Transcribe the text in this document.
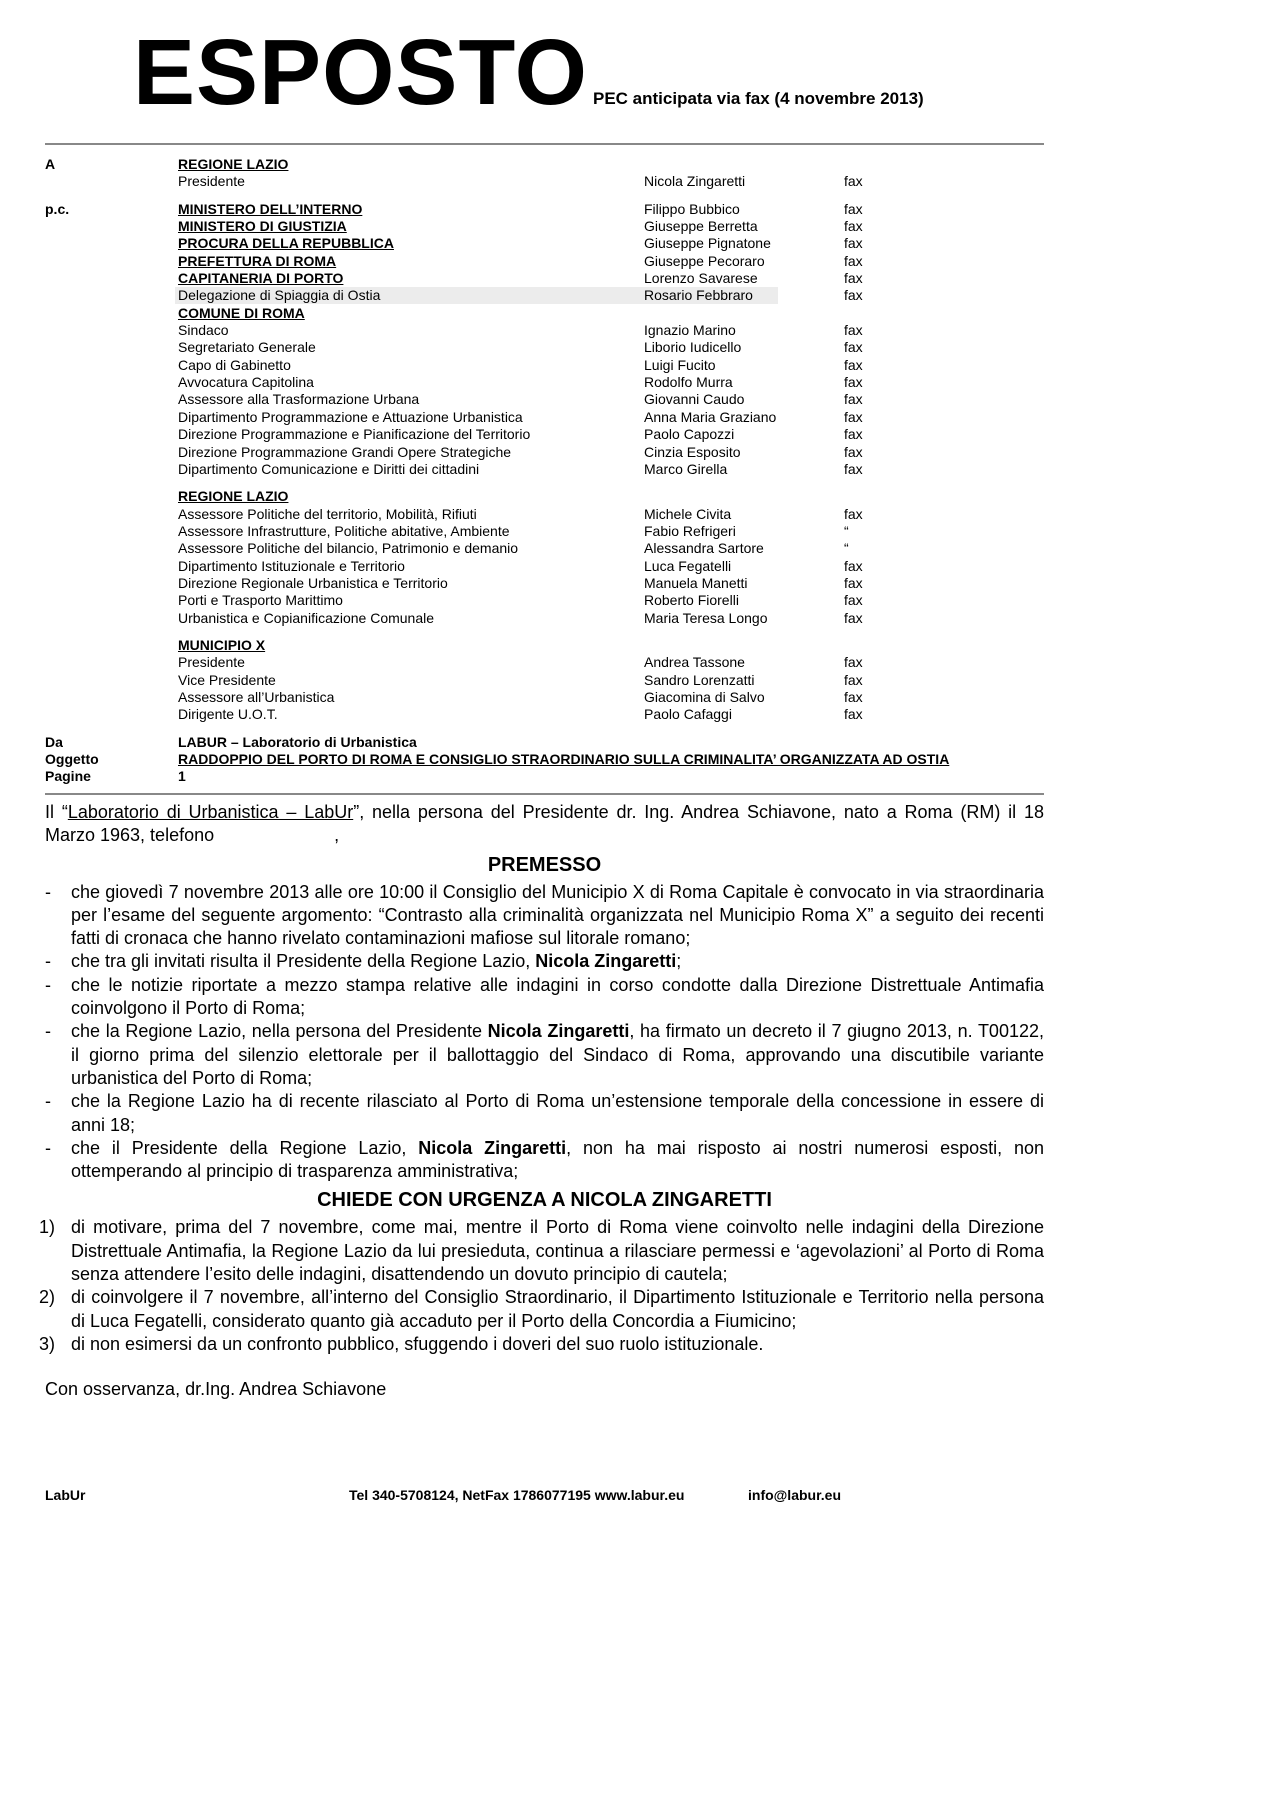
ESPOSTO PEC anticipata via fax (4 novembre 2013)
A	REGIONE LAZIO
Presidente	Nicola Zingaretti	fax
p.c.	MINISTERO DELL’INTERNO	Filippo Bubbico	fax
MINISTERO DI GIUSTIZIA	Giuseppe Berretta	fax
PROCURA DELLA REPUBBLICA	Giuseppe Pignatone	fax
PREFETTURA DI ROMA	Giuseppe Pecoraro	fax
CAPITANERIA DI PORTO	Lorenzo Savarese	fax
Delegazione di Spiaggia di Ostia	Rosario Febbraro	fax
COMUNE DI ROMA
Sindaco	Ignazio Marino	fax
Segretariato Generale	Liborio Iudicello	fax
Capo di Gabinetto	Luigi Fucito	fax
Avvocatura Capitolina	Rodolfo Murra	fax
Assessore alla Trasformazione Urbana	Giovanni Caudo	fax
Dipartimento Programmazione e Attuazione Urbanistica	Anna Maria Graziano	fax
Direzione Programmazione e Pianificazione del Territorio	Paolo Capozzi	fax
Direzione Programmazione Grandi Opere Strategiche	Cinzia Esposito	fax
Dipartimento Comunicazione e Diritti dei cittadini	Marco Girella	fax
REGIONE LAZIO
Assessore Politiche del territorio, Mobilità, Rifiuti	Michele Civita	fax
Assessore Infrastrutture, Politiche abitative, Ambiente	Fabio Refrigeri	“
Assessore Politiche del bilancio, Patrimonio e demanio	Alessandra Sartore	“
Dipartimento Istituzionale e Territorio	Luca Fegatelli	fax
Direzione Regionale Urbanistica e Territorio	Manuela Manetti	fax
Porti e Trasporto Marittimo	Roberto Fiorelli	fax
Urbanistica e Copianificazione Comunale	Maria Teresa Longo	fax
MUNICIPIO X
Presidente	Andrea Tassone	fax
Vice Presidente	Sandro Lorenzatti	fax
Assessore all’Urbanistica	Giacomina di Salvo	fax
Dirigente U.O.T.	Paolo Cafaggi	fax
Da	LABUR – Laboratorio di Urbanistica
Oggetto	RADDOPPIO DEL PORTO DI ROMA E CONSIGLIO STRAORDINARIO SULLA CRIMINALITA’ ORGANIZZATA AD OSTIA
Pagine	1
Il “Laboratorio di Urbanistica – LabUr”, nella persona del Presidente dr. Ing. Andrea Schiavone, nato a Roma (RM) il 18 Marzo 1963, telefono	,
PREMESSO
- che giovedì 7 novembre 2013 alle ore 10:00 il Consiglio del Municipio X di Roma Capitale è convocato in via straordinaria per l’esame del seguente argomento: “Contrasto alla criminalità organizzata nel Municipio Roma X” a seguito dei recenti fatti di cronaca che hanno rivelato contaminazioni mafiose sul litorale romano;
- che tra gli invitati risulta il Presidente della Regione Lazio, Nicola Zingaretti;
- che le notizie riportate a mezzo stampa relative alle indagini in corso condotte dalla Direzione Distrettuale Antimafia coinvolgono il Porto di Roma;
- che la Regione Lazio, nella persona del Presidente Nicola Zingaretti, ha firmato un decreto il 7 giugno 2013, n. T00122, il giorno prima del silenzio elettorale per il ballottaggio del Sindaco di Roma, approvando una discutibile variante urbanistica del Porto di Roma;
- che la Regione Lazio ha di recente rilasciato al Porto di Roma un’estensione temporale della concessione in essere di anni 18;
- che il Presidente della Regione Lazio, Nicola Zingaretti, non ha mai risposto ai nostri numerosi esposti, non ottemperando al principio di trasparenza amministrativa;
CHIEDE CON URGENZA A NICOLA ZINGARETTI
1) di motivare, prima del 7 novembre, come mai, mentre il Porto di Roma viene coinvolto nelle indagini della Direzione Distrettuale Antimafia, la Regione Lazio da lui presieduta, continua a rilasciare permessi e ‘agevolazioni’ al Porto di Roma senza attendere l’esito delle indagini, disattendendo un dovuto principio di cautela;
2) di coinvolgere il 7 novembre, all’interno del Consiglio Straordinario, il Dipartimento Istituzionale e Territorio nella persona di Luca Fegatelli, considerato quanto già accaduto per il Porto della Concordia a Fiumicino;
3) di non esimersi da un confronto pubblico, sfuggendo i doveri del suo ruolo istituzionale.
Con osservanza, dr.Ing. Andrea Schiavone
LabUr	Tel 340-5708124, NetFax 1786077195 www.labur.eu	info@labur.eu
